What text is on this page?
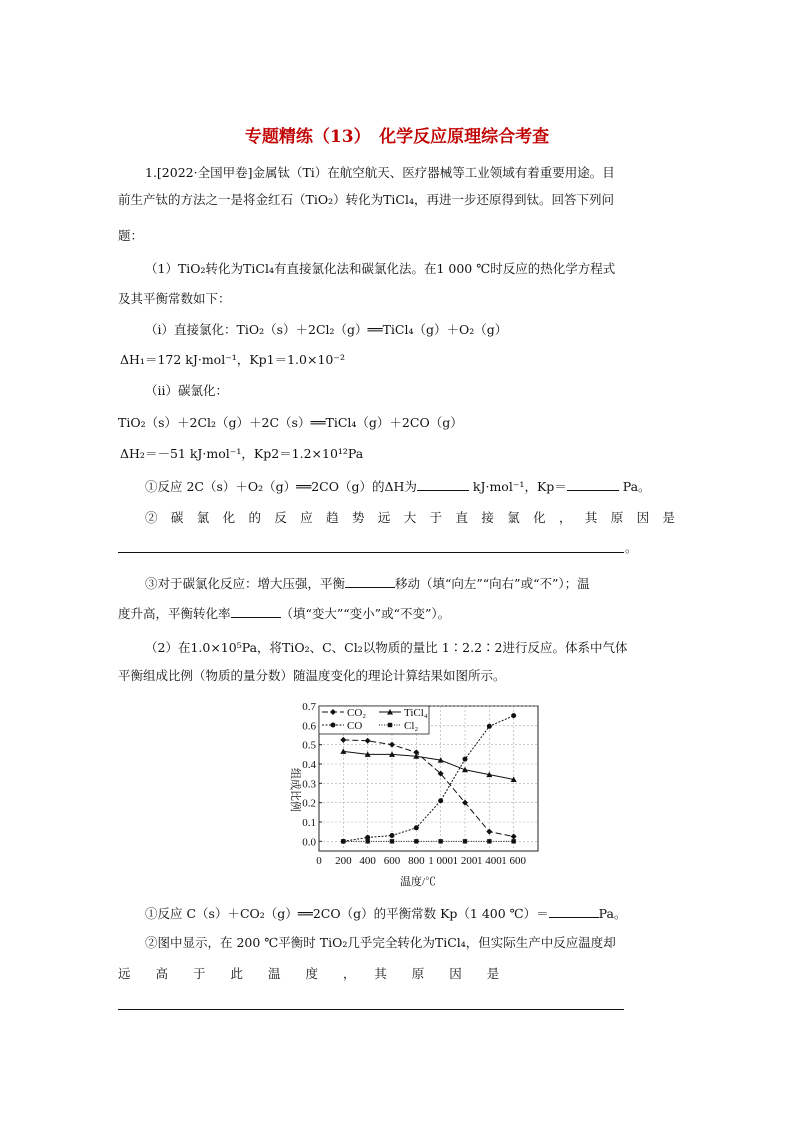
专题精练（13）　化学反应原理综合考查
1.[2022·全国甲卷]金属钛（Ti）在航空航天、医疗器械等工业领域有着重要用途。目
前生产钛的方法之一是将金红石（TiO₂）转化为TiCl₄，再进一步还原得到钛。回答下列问
题：
（1）TiO₂转化为TiCl₄有直接氯化法和碳氯化法。在1 000 ℃时反应的热化学方程式
及其平衡常数如下：
（ⅰ）直接氯化：TiO₂（s）＋2Cl₂（g）══TiCl₄（g）＋O₂（g）
ΔH₁＝172 kJ·mol⁻¹，Kp1＝1.0×10⁻²
（ⅱ）碳氯化：
TiO₂（s）＋2Cl₂（g）＋2C（s）══TiCl₄（g）＋2CO（g）
ΔH₂＝－51 kJ·mol⁻¹，Kp2＝1.2×10¹²Pa
①反应 2C（s）＋O₂（g）══2CO（g）的ΔH为	kJ·mol⁻¹，Kp＝	Pa。
② 碳 氯 化 的 反 应 趋 势 远 大 于 直 接 氯 化 ， 其 原 因 是
。
③对于碳氯化反应：增大压强，平衡	移动（填“向左”“向右”或“不”）；温
度升高，平衡转化率	（填“变大”“变小”或“不变”）。
（2）在1.0×10⁵Pa，将TiO₂、C、Cl₂以物质的量比 1∶2.2∶2进行反应。体系中气体
平衡组成比例（物质的量分数）随温度变化的理论计算结果如图所示。
0.0
0.1
0.2
0.3
0.4
0.5
0.6
0.7
0 200 400 600 800 1 000 1 200 1 400 1 600
CO₂	TiCl₄
CO	Cl₂
温度/℃
组成比例
①反应 C（s）＋CO₂（g）══2CO（g）的平衡常数 Kp（1 400 ℃）＝	Pa。
②图中显示，在 200 ℃平衡时 TiO₂几乎完全转化为TiCl₄，但实际生产中反应温度却
远　　高　　于　　此　　温　　度　　，　　其　　原　　因　　是
